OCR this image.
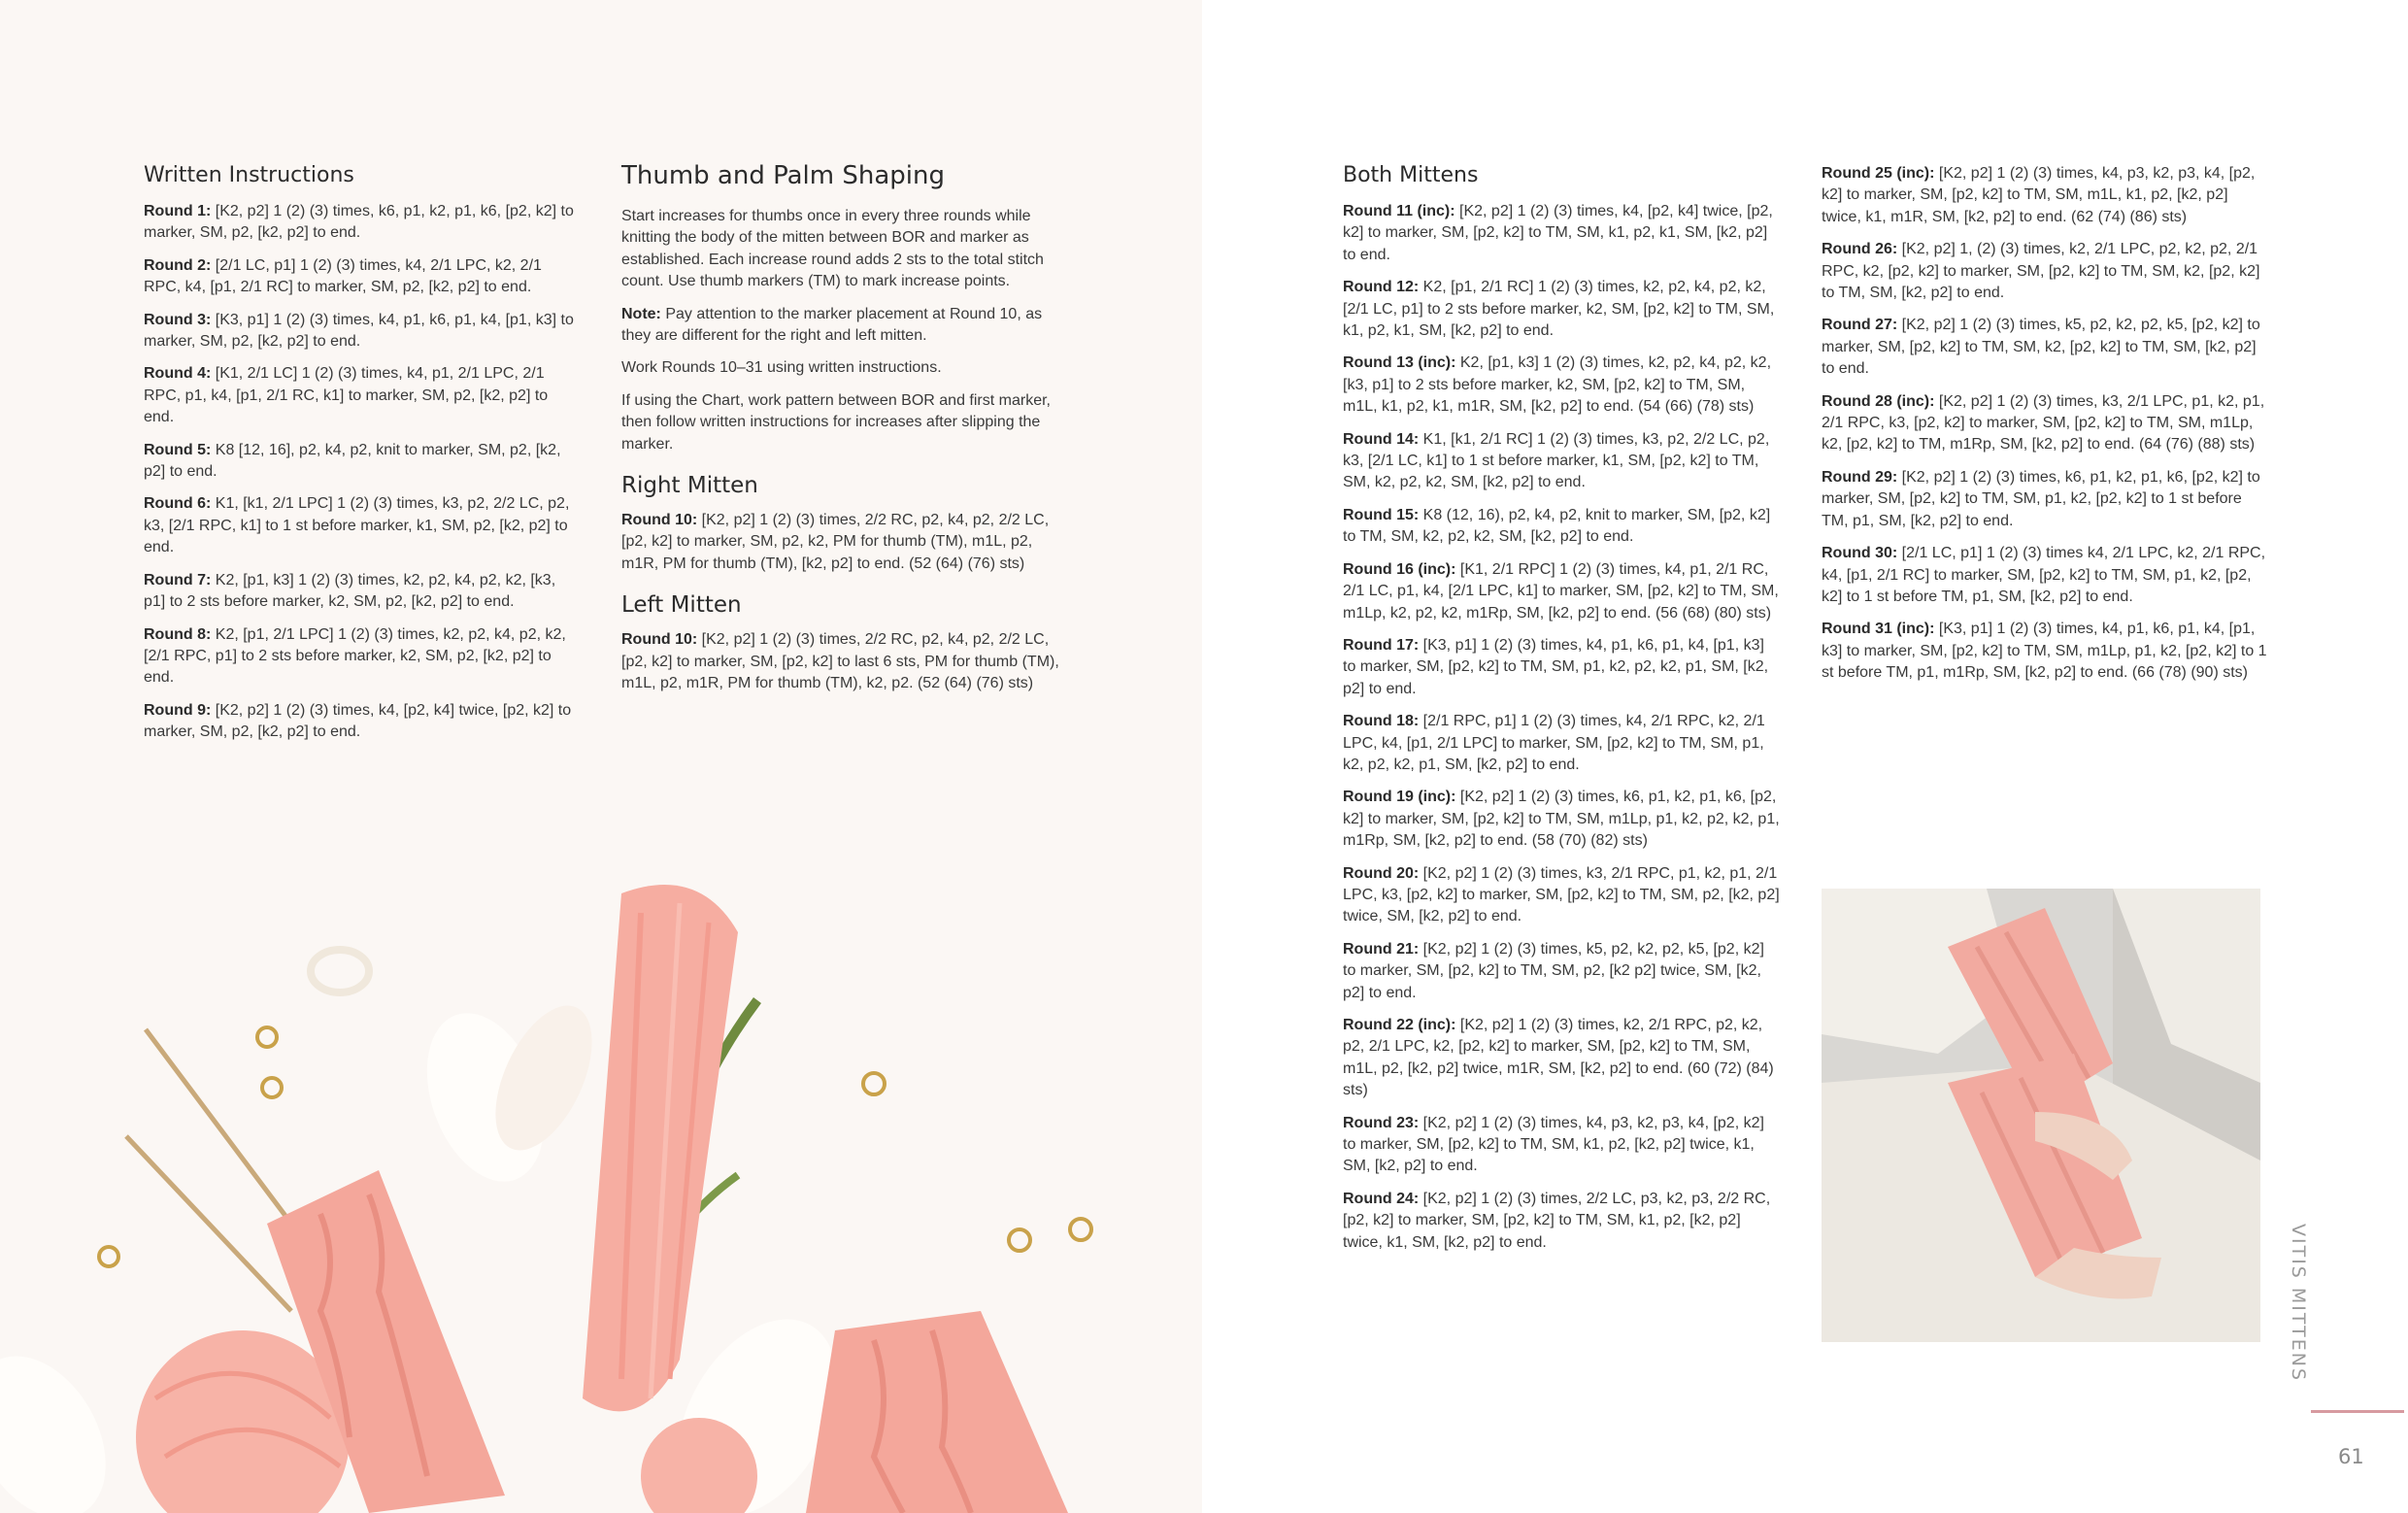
Written Instructions

Round 1: [K2, p2] 1 (2) (3) times, k6, p1, k2, p1, k6, [p2, k2] to marker, SM, p2, [k2, p2] to end.

Round 2: [2/1 LC, p1] 1 (2) (3) times, k4, 2/1 LPC, k2, 2/1 RPC, k4, [p1, 2/1 RC] to marker, SM, p2, [k2, p2] to end.

Round 3: [K3, p1] 1 (2) (3) times, k4, p1, k6, p1, k4, [p1, k3] to marker, SM, p2, [k2, p2] to end.

Round 4: [K1, 2/1 LC] 1 (2) (3) times, k4, p1, 2/1 LPC, 2/1 RPC, p1, k4, [p1, 2/1 RC, k1] to marker, SM, p2, [k2, p2] to end.

Round 5: K8 [12, 16], p2, k4, p2, knit to marker, SM, p2, [k2, p2] to end.

Round 6: K1, [k1, 2/1 LPC] 1 (2) (3) times, k3, p2, 2/2 LC, p2, k3, [2/1 RPC, k1] to 1 st before marker, k1, SM, p2, [k2, p2] to end.

Round 7: K2, [p1, k3] 1 (2) (3) times, k2, p2, k4, p2, k2, [k3, p1] to 2 sts before marker, k2, SM, p2, [k2, p2] to end.

Round 8: K2, [p1, 2/1 LPC] 1 (2) (3) times, k2, p2, k4, p2, k2, [2/1 RPC, p1] to 2 sts before marker, k2, SM, p2, [k2, p2] to end.

Round 9: [K2, p2] 1 (2) (3) times, k4, [p2, k4] twice, [p2, k2] to marker, SM, p2, [k2, p2] to end.

Thumb and Palm Shaping

Start increases for thumbs once in every three rounds while knitting the body of the mitten between BOR and marker as established. Each increase round adds 2 sts to the total stitch count. Use thumb markers (TM) to mark increase points.

Note: Pay attention to the marker placement at Round 10, as they are different for the right and left mitten.

Work Rounds 10–31 using written instructions.

If using the Chart, work pattern between BOR and first marker, then follow written instructions for increases after slipping the marker.

Right Mitten

Round 10: [K2, p2] 1 (2) (3) times, 2/2 RC, p2, k4, p2, 2/2 LC, [p2, k2] to marker, SM, p2, k2, PM for thumb (TM), m1L, p2, m1R, PM for thumb (TM), [k2, p2] to end. (52 (64) (76) sts)

Left Mitten

Round 10: [K2, p2] 1 (2) (3) times, 2/2 RC, p2, k4, p2, 2/2 LC, [p2, k2] to marker, SM, [p2, k2] to last 6 sts, PM for thumb (TM), m1L, p2, m1R, PM for thumb (TM), k2, p2. (52 (64) (76) sts)

Both Mittens

Round 11 (inc): [K2, p2] 1 (2) (3) times, k4, [p2, k4] twice, [p2, k2] to marker, SM, [p2, k2] to TM, SM, k1, p2, k1, SM, [k2, p2] to end.

Round 12: K2, [p1, 2/1 RC] 1 (2) (3) times, k2, p2, k4, p2, k2, [2/1 LC, p1] to 2 sts before marker, k2, SM, [p2, k2] to TM, SM, k1, p2, k1, SM, [k2, p2] to end.

Round 13 (inc): K2, [p1, k3] 1 (2) (3) times, k2, p2, k4, p2, k2, [k3, p1] to 2 sts before marker, k2, SM, [p2, k2] to TM, SM, m1L, k1, p2, k1, m1R, SM, [k2, p2] to end. (54 (66) (78) sts)

Round 14: K1, [k1, 2/1 RC] 1 (2) (3) times, k3, p2, 2/2 LC, p2, k3, [2/1 LC, k1] to 1 st before marker, k1, SM, [p2, k2] to TM, SM, k2, p2, k2, SM, [k2, p2] to end.

Round 15: K8 (12, 16), p2, k4, p2, knit to marker, SM, [p2, k2] to TM, SM, k2, p2, k2, SM, [k2, p2] to end.

Round 16 (inc): [K1, 2/1 RPC] 1 (2) (3) times, k4, p1, 2/1 RC, 2/1 LC, p1, k4, [2/1 LPC, k1] to marker, SM, [p2, k2] to TM, SM, m1Lp, k2, p2, k2, m1Rp, SM, [k2, p2] to end. (56 (68) (80) sts)

Round 17: [K3, p1] 1 (2) (3) times, k4, p1, k6, p1, k4, [p1, k3] to marker, SM, [p2, k2] to TM, SM, p1, k2, p2, k2, p1, SM, [k2, p2] to end.

Round 18: [2/1 RPC, p1] 1 (2) (3) times, k4, 2/1 RPC, k2, 2/1 LPC, k4, [p1, 2/1 LPC] to marker, SM, [p2, k2] to TM, SM, p1, k2, p2, k2, p1, SM, [k2, p2] to end.

Round 19 (inc): [K2, p2] 1 (2) (3) times, k6, p1, k2, p1, k6, [p2, k2] to marker, SM, [p2, k2] to TM, SM, m1Lp, p1, k2, p2, k2, p1, m1Rp, SM, [k2, p2] to end. (58 (70) (82) sts)

Round 20: [K2, p2] 1 (2) (3) times, k3, 2/1 RPC, p1, k2, p1, 2/1 LPC, k3, [p2, k2] to marker, SM, [p2, k2] to TM, SM, p2, [k2, p2] twice, SM, [k2, p2] to end.

Round 21: [K2, p2] 1 (2) (3) times, k5, p2, k2, p2, k5, [p2, k2] to marker, SM, [p2, k2] to TM, SM, p2, [k2 p2] twice, SM, [k2, p2] to end.

Round 22 (inc): [K2, p2] 1 (2) (3) times, k2, 2/1 RPC, p2, k2, p2, 2/1 LPC, k2, [p2, k2] to marker, SM, [p2, k2] to TM, SM, m1L, p2, [k2, p2] twice, m1R, SM, [k2, p2] to end. (60 (72) (84) sts)

Round 23: [K2, p2] 1 (2) (3) times, k4, p3, k2, p3, k4, [p2, k2] to marker, SM, [p2, k2] to TM, SM, k1, p2, [k2, p2] twice, k1, SM, [k2, p2] to end.

Round 24: [K2, p2] 1 (2) (3) times, 2/2 LC, p3, k2, p3, 2/2 RC, [p2, k2] to marker, SM, [p2, k2] to TM, SM, k1, p2, [k2, p2] twice, k1, SM, [k2, p2] to end.

Round 25 (inc): [K2, p2] 1 (2) (3) times, k4, p3, k2, p3, k4, [p2, k2] to marker, SM, [p2, k2] to TM, SM, m1L, k1, p2, [k2, p2] twice, k1, m1R, SM, [k2, p2] to end. (62 (74) (86) sts)

Round 26: [K2, p2] 1, (2) (3) times, k2, 2/1 LPC, p2, k2, p2, 2/1 RPC, k2, [p2, k2] to marker, SM, [p2, k2] to TM, SM, k2, [p2, k2] to TM, SM, [k2, p2] to end.

Round 27: [K2, p2] 1 (2) (3) times, k5, p2, k2, p2, k5, [p2, k2] to marker, SM, [p2, k2] to TM, SM, k2, [p2, k2] to TM, SM, [k2, p2] to end.

Round 28 (inc): [K2, p2] 1 (2) (3) times, k3, 2/1 LPC, p1, k2, p1, 2/1 RPC, k3, [p2, k2] to marker, SM, [p2, k2] to TM, SM, m1Lp, k2, [p2, k2] to TM, m1Rp, SM, [k2, p2] to end. (64 (76) (88) sts)

Round 29: [K2, p2] 1 (2) (3) times, k6, p1, k2, p1, k6, [p2, k2] to marker, SM, [p2, k2] to TM, SM, p1, k2, [p2, k2] to 1 st before TM, p1, SM, [k2, p2] to end.

Round 30: [2/1 LC, p1] 1 (2) (3) times k4, 2/1 LPC, k2, 2/1 RPC, k4, [p1, 2/1 RC] to marker, SM, [p2, k2] to TM, SM, p1, k2, [p2, k2] to 1 st before TM, p1, SM, [k2, p2] to end.

Round 31 (inc): [K3, p1] 1 (2) (3) times, k4, p1, k6, p1, k4, [p1, k3] to marker, SM, [p2, k2] to TM, SM, m1Lp, p1, k2, [p2, k2] to 1 st before TM, p1, m1Rp, SM, [k2, p2] to end. (66 (78) (90) sts)

VITIS MITTENS
61
